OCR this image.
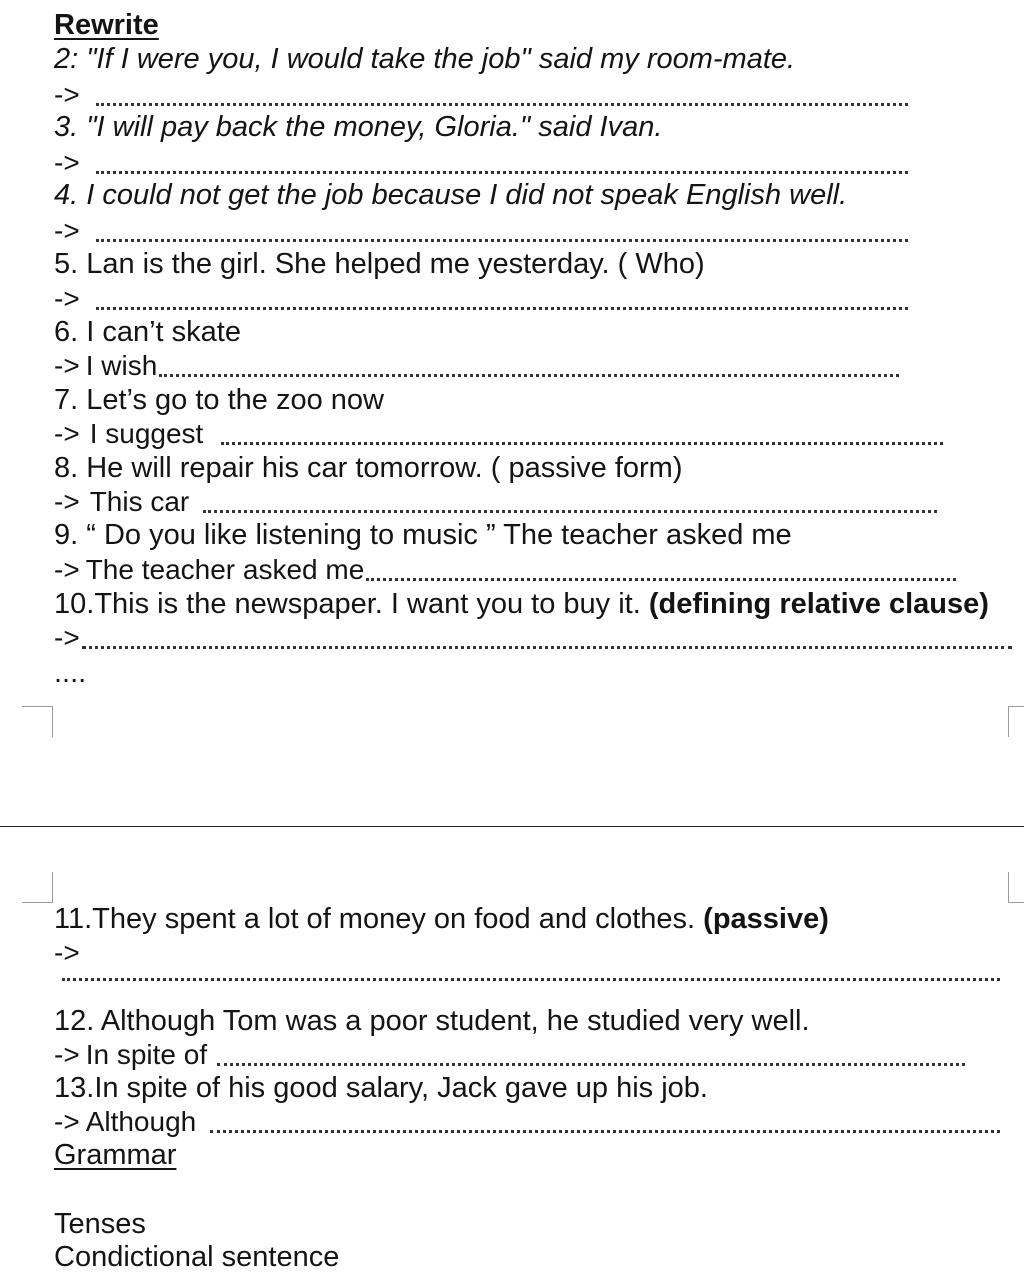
Rewrite
2: "If I were you, I would take the job" said my room-mate.
->
3. "I will pay back the money, Gloria." said Ivan.
->
4. I could not get the job because I did not speak English well.
->
5. Lan is the girl. She helped me yesterday. ( Who)
->
6. I can’t skate
-> I wish
7. Let’s go to the zoo now
-> I suggest
8. He will repair his car tomorrow. ( passive form)
-> This car
9. “ Do you like listening to music ” The teacher asked me
-> The teacher asked me
10.This is the newspaper. I want you to buy it. (defining relative clause)
->
....
11.They spent a lot of money on food and clothes. (passive)
->
12. Although Tom was a poor student, he studied very well.
-> In spite of
13.In spite of his good salary, Jack gave up his job.
-> Although
Grammar
Tenses
Condictional sentence
